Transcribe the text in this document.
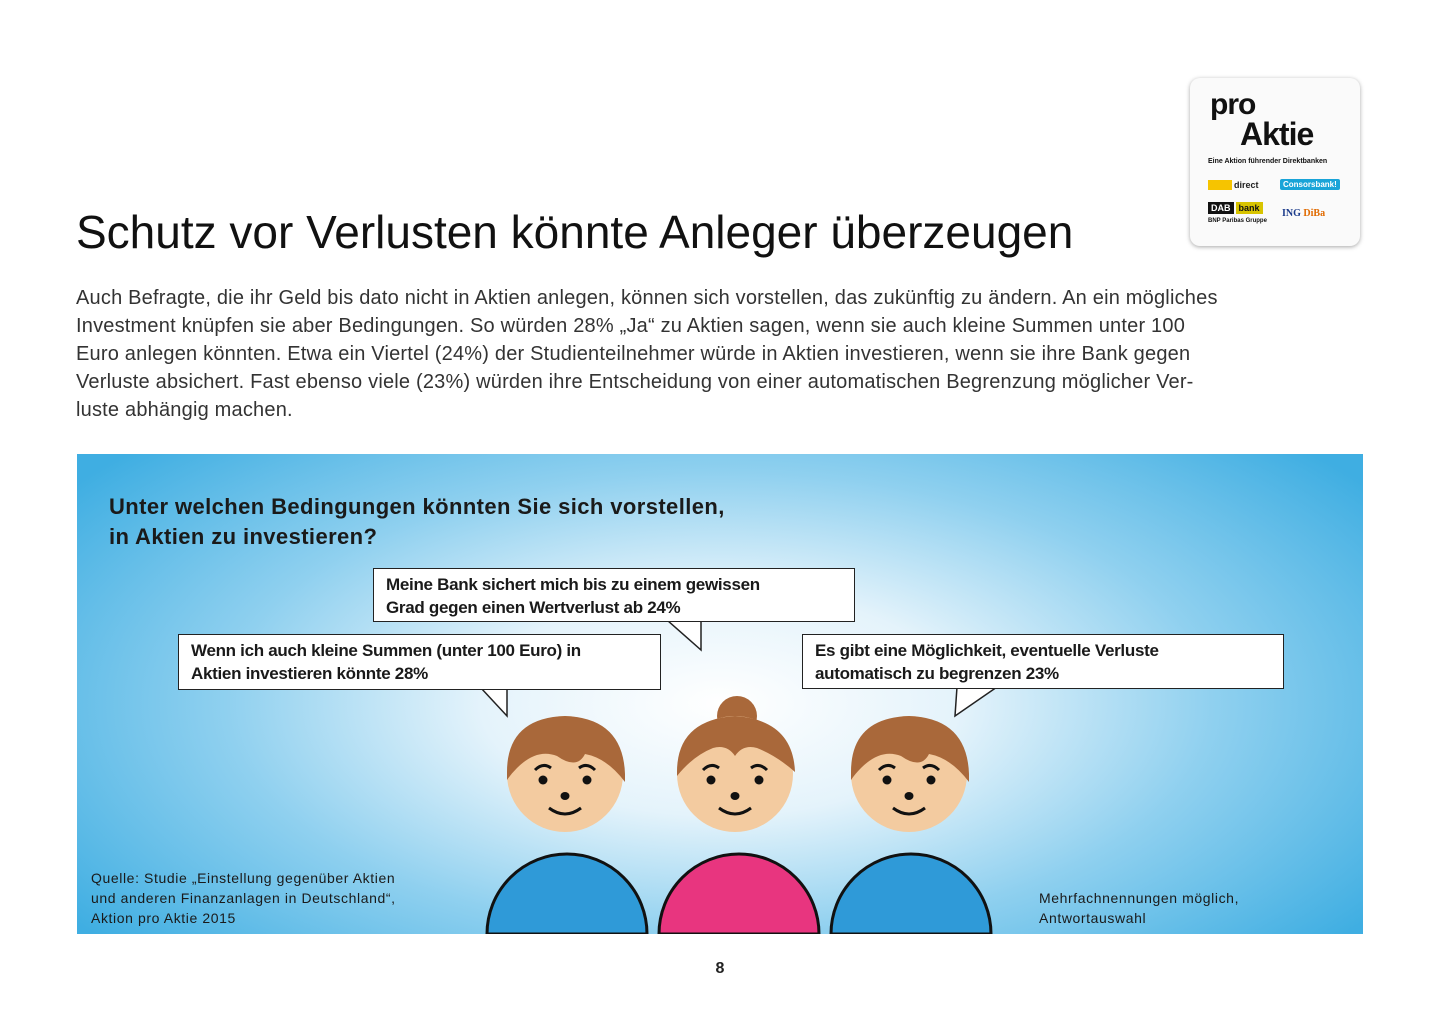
Schutz vor Verlusten könnte Anleger überzeugen
Auch Befragte, die ihr Geld bis dato nicht in Aktien anlegen, können sich vorstellen, das zukünftig zu ändern. An ein mögliches
Investment knüpfen sie aber Bedingungen. So würden 28% „Ja“ zu Aktien sagen, wenn sie auch kleine Summen unter 100
Euro anlegen könnten. Etwa ein Viertel (24%) der Studienteilnehmer würde in Aktien investieren, wenn sie ihre Bank gegen
Verluste absichert. Fast ebenso viele (23%) würden ihre Entscheidung von einer automatischen Begrenzung möglicher Ver-
luste abhängig machen.
pro
Aktie
Eine Aktion führender Direktbanken
direct	Consorsbank!
DAB bank
BNP Paribas Gruppe
ING DiBa
Unter welchen Bedingungen könnten Sie sich vorstellen,
in Aktien zu investieren?
Wenn ich auch kleine Summen (unter 100 Euro) in
Aktien investieren könnte 28%
Meine Bank sichert mich bis zu einem gewissen
Grad gegen einen Wertverlust ab 24%
Es gibt eine Möglichkeit, eventuelle Verluste
automatisch zu begrenzen 23%
Quelle: Studie „Einstellung gegenüber Aktien
und anderen Finanzanlagen in Deutschland“,
Aktion pro Aktie 2015
Mehrfachnennungen möglich,
Antwortauswahl
8
